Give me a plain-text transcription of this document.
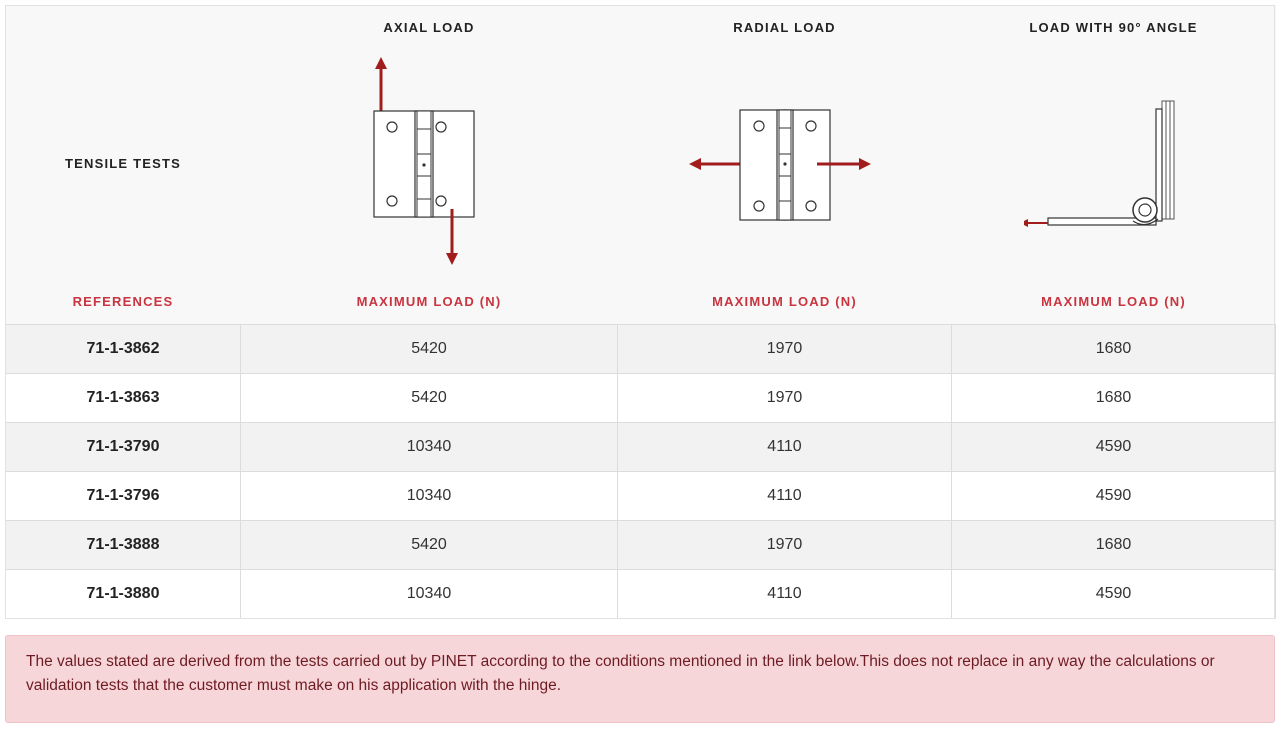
	AXIAL LOAD	RADIAL LOAD	LOAD WITH 90° ANGLE
TENSILE TESTS	

REFERENCES	MAXIMUM LOAD (N)	MAXIMUM LOAD (N)	MAXIMUM LOAD (N)
71-1-3862	5420	1970	1680
71-1-3863	5420	1970	1680
71-1-3790	10340	4110	4590
71-1-3796	10340	4110	4590
71-1-3888	5420	1970	1680
71-1-3880	10340	4110	4590
The values stated are derived from the tests carried out by PINET according to the conditions mentioned in the link below.This does not replace in any way the calculations or validation tests that the customer must make on his application with the hinge.
